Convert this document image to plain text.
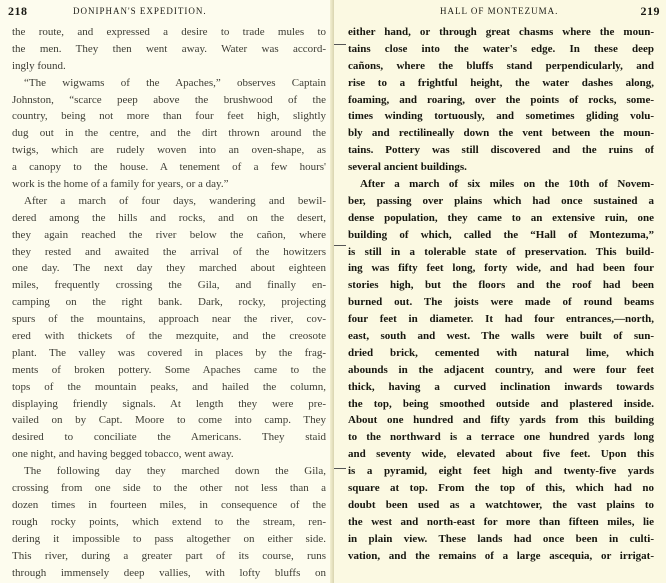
218	DONIPHAN'S EXPEDITION.
the route, and expressed a desire to trade mules to
the men. They then went away. Water was accord-
ingly found.
“The wigwams of the Apaches,” observes Captain
Johnston, “scarce peep above the brushwood of the
country, being not more than four feet high, slightly
dug out in the centre, and the dirt thrown around the
twigs, which are rudely woven into an oven-shape, as
a canopy to the house. A tenement of a few hours'
work is the home of a family for years, or a day.”
After a march of four days, wandering and bewil-
dered among the hills and rocks, and on the desert,
they again reached the river below the cañon, where
they rested and awaited the arrival of the howitzers
one day. The next day they marched about eighteen
miles, frequently crossing the Gila, and finally en-
camping on the right bank. Dark, rocky, projecting
spurs of the mountains, approach near the river, cov-
ered with thickets of the mezquite, and the creosote
plant. The valley was covered in places by the frag-
ments of broken pottery. Some Apaches came to the
tops of the mountain peaks, and hailed the column,
displaying friendly signals. At length they were pre-
vailed on by Capt. Moore to come into camp. They
desired to conciliate the Americans. They staid
one night, and having begged tobacco, went away.
The following day they marched down the Gila,
crossing from one side to the other not less than a
dozen times in fourteen miles, in consequence of the
rough rocky points, which extend to the stream, ren-
dering it impossible to pass altogether on either side.
This river, during a greater part of its course, runs
through immensely deep vallies, with lofty bluffs on
HALL OF MONTEZUMA.	219
either hand, or through great chasms where the moun-
tains close into the water's edge. In these deep
cañons, where the bluffs stand perpendicularly, and
rise to a frightful height, the water dashes along,
foaming, and roaring, over the points of rocks, some-
times winding tortuously, and sometimes gliding volu-
bly and rectilineally down the vent between the moun-
tains. Pottery was still discovered and the ruins of
several ancient buildings.
After a march of six miles on the 10th of Novem-
ber, passing over plains which had once sustained a
dense population, they came to an extensive ruin, one
building of which, called the “Hall of Montezuma,”
is still in a tolerable state of preservation. This build-
ing was fifty feet long, forty wide, and had been four
stories high, but the floors and the roof had been
burned out. The joists were made of round beams
four feet in diameter. It had four entrances,—north,
east, south and west. The walls were built of sun-
dried brick, cemented with natural lime, which
abounds in the adjacent country, and were four feet
thick, having a curved inclination inwards towards
the top, being smoothed outside and plastered inside.
About one hundred and fifty yards from this building
to the northward is a terrace one hundred yards long
and seventy wide, elevated about five feet. Upon this
is a pyramid, eight feet high and twenty-five yards
square at top. From the top of this, which had no
doubt been used as a watchtower, the vast plains to
the west and north-east for more than fifteen miles, lie
in plain view. These lands had once been in culti-
vation, and the remains of a large ascequia, or irrigat-
